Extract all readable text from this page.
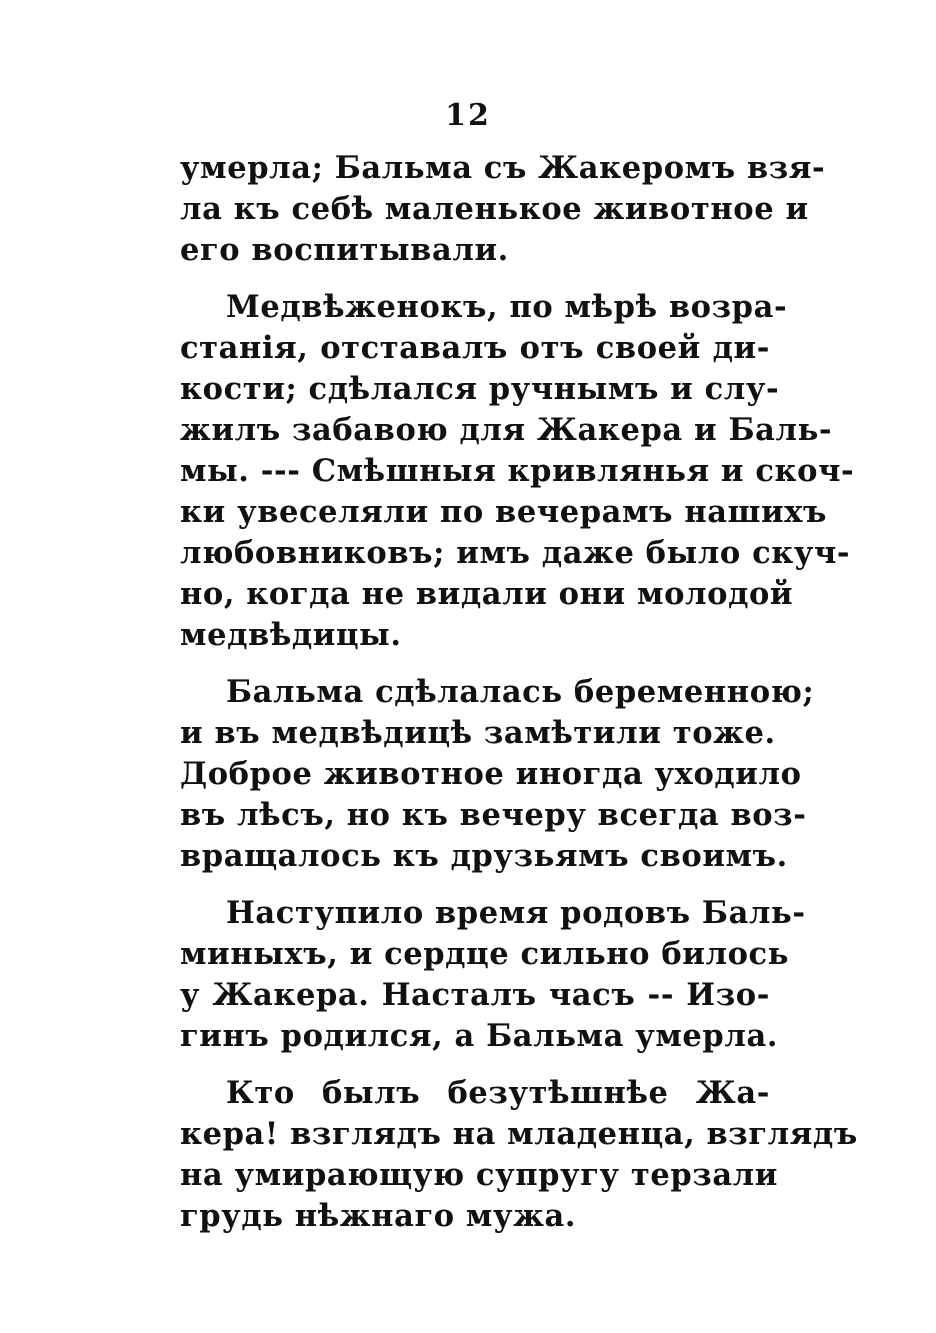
12
умерла; Бальма съ Жакеромъ взя-
ла къ себѣ маленькое животное и
его воспитывали.
Медвѣженокъ, по мѣрѣ возра-
станія, отставалъ отъ своей ди-
кости; сдѣлался ручнымъ и слу-
жилъ забавою для Жакера и Баль-
мы. --- Смѣшныя кривлянья и скоч-
ки увеселяли по вечерамъ нашихъ
любовниковъ; имъ даже было скуч-
но, когда не видали они молодой
медвѣдицы.
Бальма сдѣлалась беременною;
и въ медвѣдицѣ замѣтили тоже.
Доброе животное иногда уходило
въ лѣсъ, но къ вечеру всегда воз-
вращалось къ друзьямъ своимъ.
Наступило время родовъ Баль-
миныхъ, и сердце сильно билось
у Жакера. Насталъ часъ -- Изо-
гинъ родился, а Бальма умерла.
Кто былъ безутѣшнѣе Жа-
кера! взглядъ на младенца, взглядъ
на умирающую супругу терзали
грудь нѣжнаго мужа.
